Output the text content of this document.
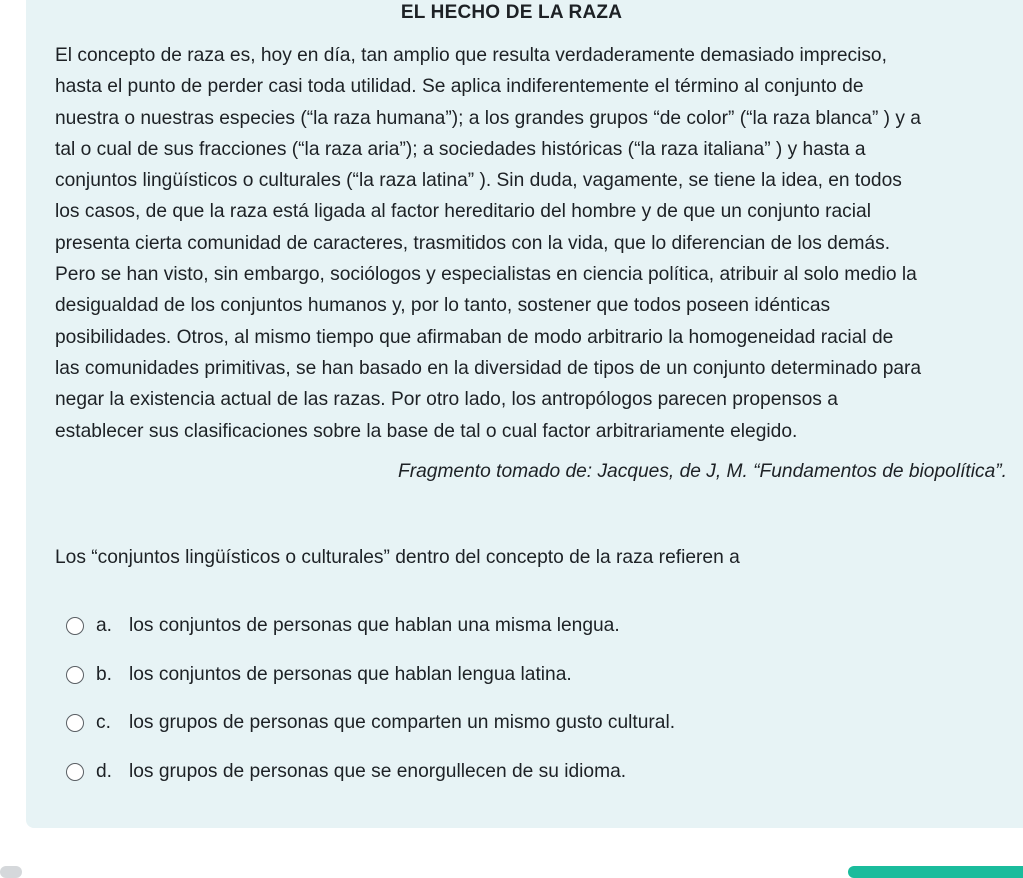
EL HECHO DE LA RAZA
El concepto de raza es, hoy en día, tan amplio que resulta verdaderamente demasiado impreciso,
hasta el punto de perder casi toda utilidad. Se aplica indiferentemente el término al conjunto de
nuestra o nuestras especies (“la raza humana”); a los grandes grupos “de color” (“la raza blanca” ) y a
tal o cual de sus fracciones (“la raza aria”); a sociedades históricas (“la raza italiana” ) y hasta a
conjuntos lingüísticos o culturales (“la raza latina” ). Sin duda, vagamente, se tiene la idea, en todos
los casos, de que la raza está ligada al factor hereditario del hombre y de que un conjunto racial
presenta cierta comunidad de caracteres, trasmitidos con la vida, que lo diferencian de los demás.
Pero se han visto, sin embargo, sociólogos y especialistas en ciencia política, atribuir al solo medio la
desigualdad de los conjuntos humanos y, por lo tanto, sostener que todos poseen idénticas
posibilidades. Otros, al mismo tiempo que afirmaban de modo arbitrario la homogeneidad racial de
las comunidades primitivas, se han basado en la diversidad de tipos de un conjunto determinado para
negar la existencia actual de las razas. Por otro lado, los antropólogos parecen propensos a
establecer sus clasificaciones sobre la base de tal o cual factor arbitrariamente elegido.
Fragmento tomado de: Jacques, de J, M. “Fundamentos de biopolítica”.
Los “conjuntos lingüísticos o culturales” dentro del concepto de la raza refieren a
a. los conjuntos de personas que hablan una misma lengua.
b. los conjuntos de personas que hablan lengua latina.
c. los grupos de personas que comparten un mismo gusto cultural.
d. los grupos de personas que se enorgullecen de su idioma.
